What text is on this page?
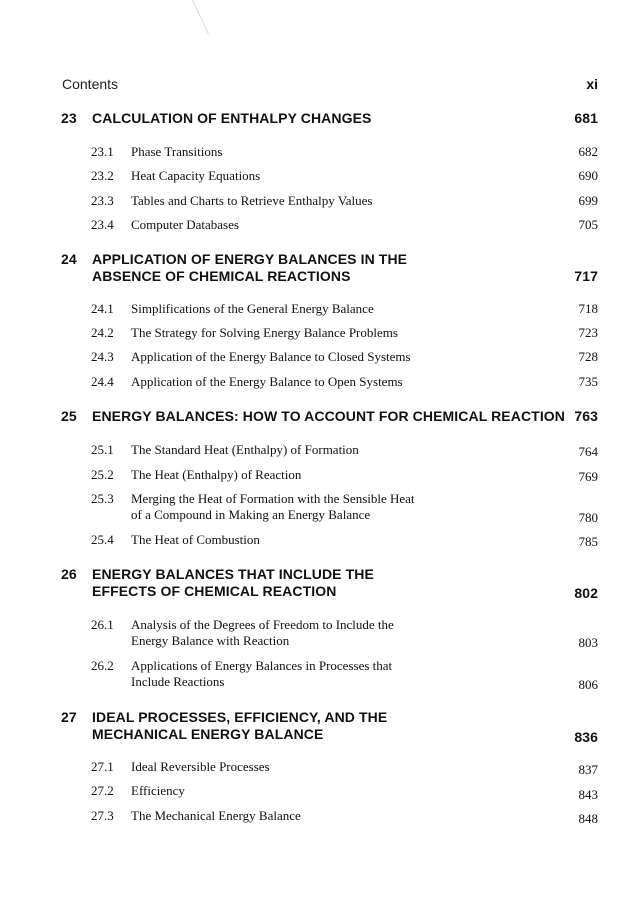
Contents	xi
23 CALCULATION OF ENTHALPY CHANGES	681
23.1 Phase Transitions	682
23.2 Heat Capacity Equations	690
23.3 Tables and Charts to Retrieve Enthalpy Values	699
23.4 Computer Databases	705
24 APPLICATION OF ENERGY BALANCES IN THE ABSENCE OF CHEMICAL REACTIONS	717
24.1 Simplifications of the General Energy Balance	718
24.2 The Strategy for Solving Energy Balance Problems	723
24.3 Application of the Energy Balance to Closed Systems	728
24.4 Application of the Energy Balance to Open Systems	735
25 ENERGY BALANCES: HOW TO ACCOUNT FOR CHEMICAL REACTION 763
25.1 The Standard Heat (Enthalpy) of Formation	764
25.2 The Heat (Enthalpy) of Reaction	769
25.3 Merging the Heat of Formation with the Sensible Heat of a Compound in Making an Energy Balance	780
25.4 The Heat of Combustion	785
26 ENERGY BALANCES THAT INCLUDE THE EFFECTS OF CHEMICAL REACTION	802
26.1 Analysis of the Degrees of Freedom to Include the Energy Balance with Reaction	803
26.2 Applications of Energy Balances in Processes that Include Reactions	806
27 IDEAL PROCESSES, EFFICIENCY, AND THE MECHANICAL ENERGY BALANCE	836
27.1 Ideal Reversible Processes	837
27.2 Efficiency	843
27.3 The Mechanical Energy Balance	848
